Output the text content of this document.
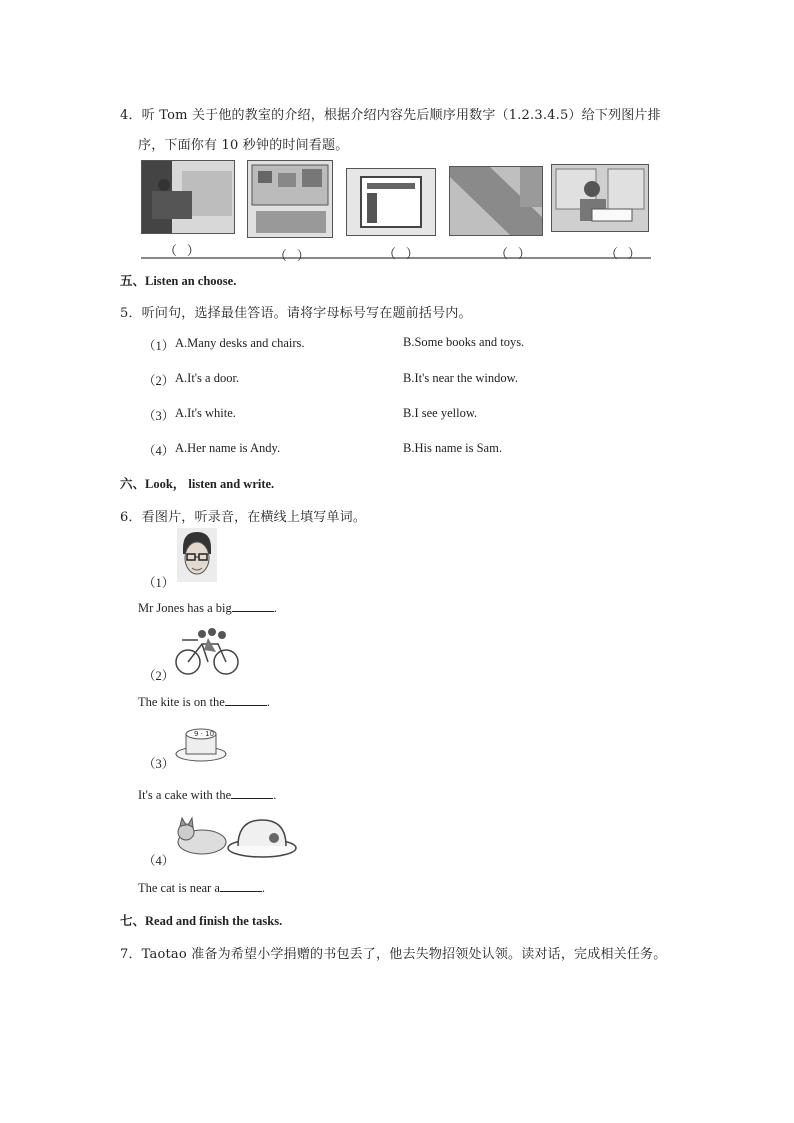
4．听 Tom 关于他的教室的介绍，根据介绍内容先后顺序用数字（1.2.3.4.5）给下列图片排
序，下面你有 10 秒钟的时间看题。
（   ）	（   ）	（   ）	（   ）	（   ）
五、Listen an choose.
5．听问句，选择最佳答语。请将字母标号写在题前括号内。
（1） A.Many desks and chairs.	B.Some books and toys.
（2） A.It's a door.	B.It's near the window.
（3） A.It's white.	B.I see yellow.
（4） A.Her name is Andy.	B.His name is Sam.
六、Look， listen and write.
6．看图片，听录音，在横线上填写单词。
（1）
Mr Jones has a big	.
（2）
The kite is on the	.
9 · 10
（3）
It's a cake with the	.
（4）
The cat is near a	.
七、Read and finish the tasks.
7．Taotao 准备为希望小学捐赠的书包丢了，他去失物招领处认领。读对话，完成相关任务。
